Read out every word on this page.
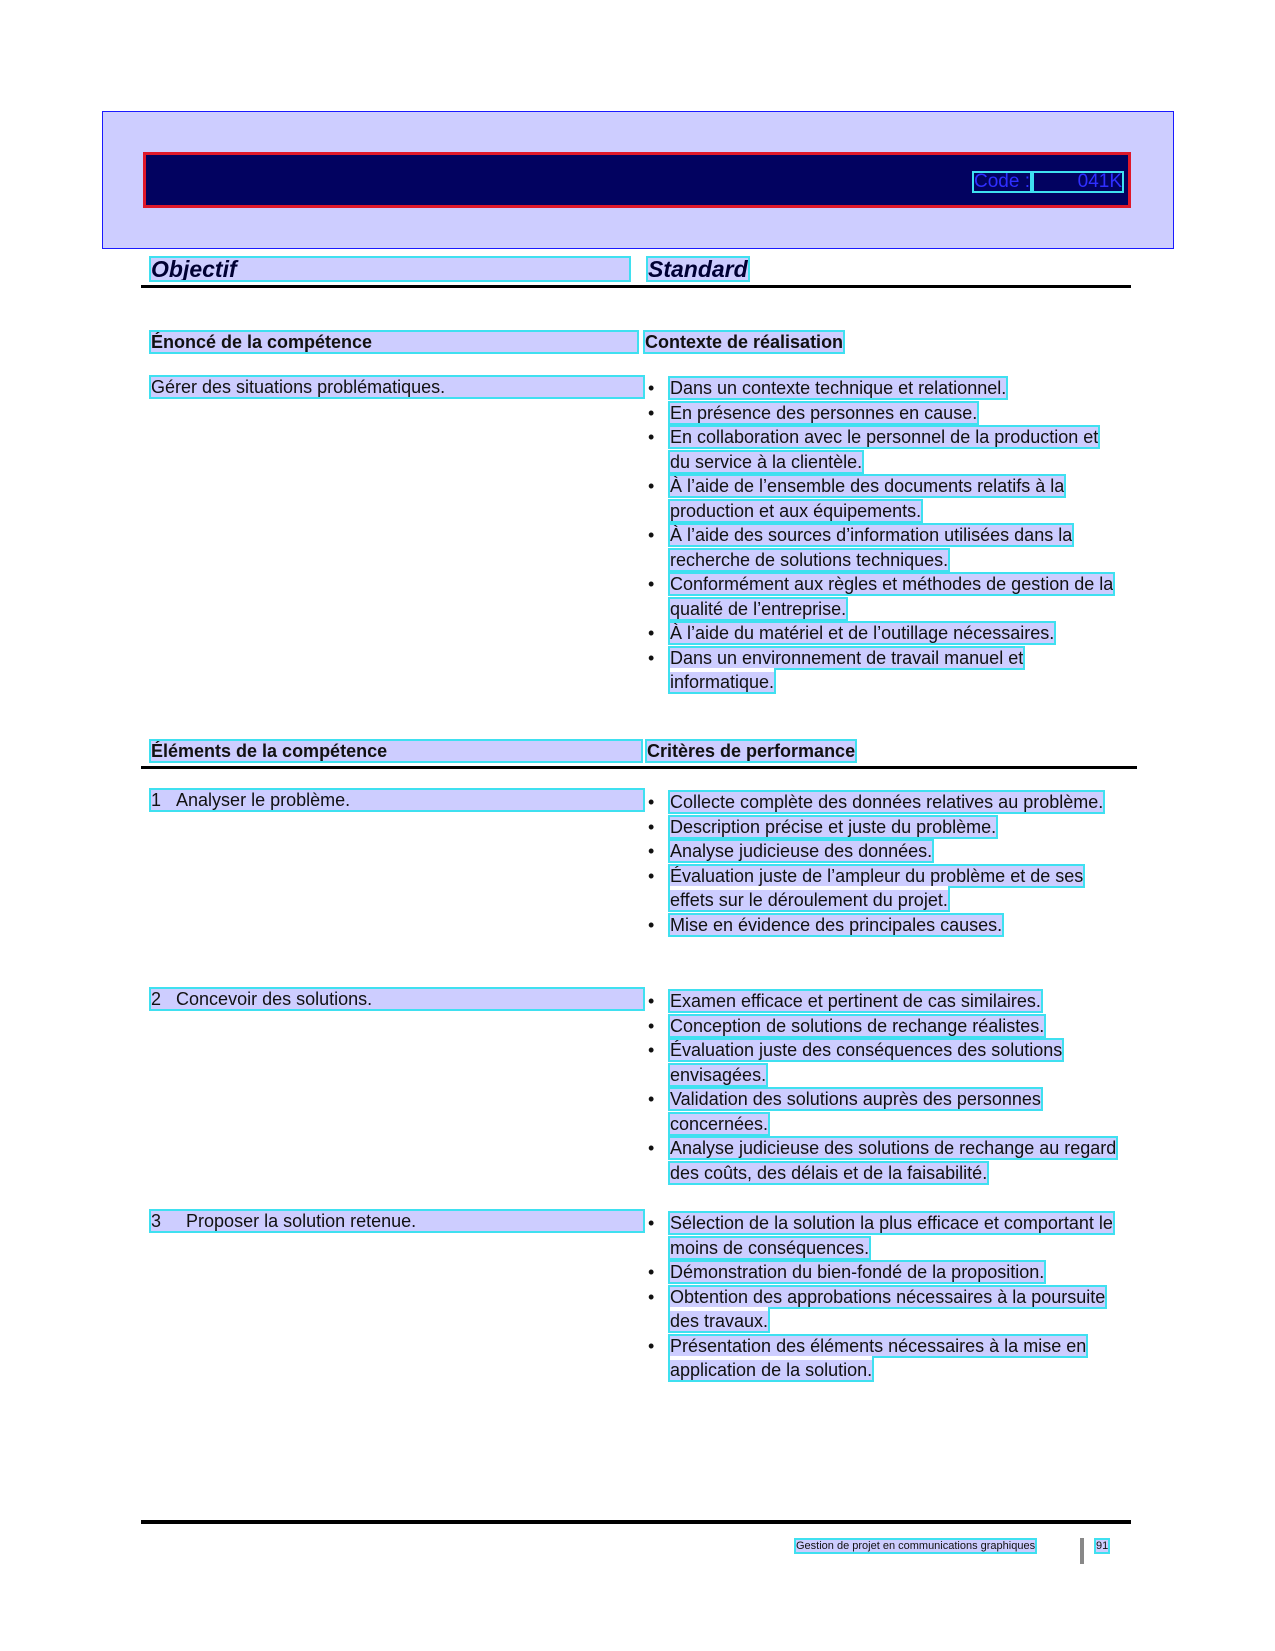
Code :	041K
Objectif	Standard
Énoncé de la compétence	Contexte de réalisation
Gérer des situations problématiques.	• Dans un contexte technique et relationnel.
• En présence des personnes en cause.
• En collaboration avec le personnel de la production et du service à la clientèle.
• À l’aide de l’ensemble des documents relatifs à la production et aux équipements.
• À l’aide des sources d’information utilisées dans la recherche de solutions techniques.
• Conformément aux règles et méthodes de gestion de la qualité de l’entreprise.
• À l’aide du matériel et de l’outillage nécessaires.
• Dans un environnement de travail manuel et informatique.
Éléments de la compétence	Critères de performance
1 Analyser le problème.	• Collecte complète des données relatives au problème.
• Description précise et juste du problème.
• Analyse judicieuse des données.
• Évaluation juste de l’ampleur du problème et de ses effets sur le déroulement du projet.
• Mise en évidence des principales causes.
2 Concevoir des solutions.	• Examen efficace et pertinent de cas similaires.
• Conception de solutions de rechange réalistes.
• Évaluation juste des conséquences des solutions envisagées.
• Validation des solutions auprès des personnes concernées.
• Analyse judicieuse des solutions de rechange au regard des coûts, des délais et de la faisabilité.
3 Proposer la solution retenue.	• Sélection de la solution la plus efficace et comportant le moins de conséquences.
• Démonstration du bien-fondé de la proposition.
• Obtention des approbations nécessaires à la poursuite des travaux.
• Présentation des éléments nécessaires à la mise en application de la solution.
Gestion de projet en communications graphiques	91
